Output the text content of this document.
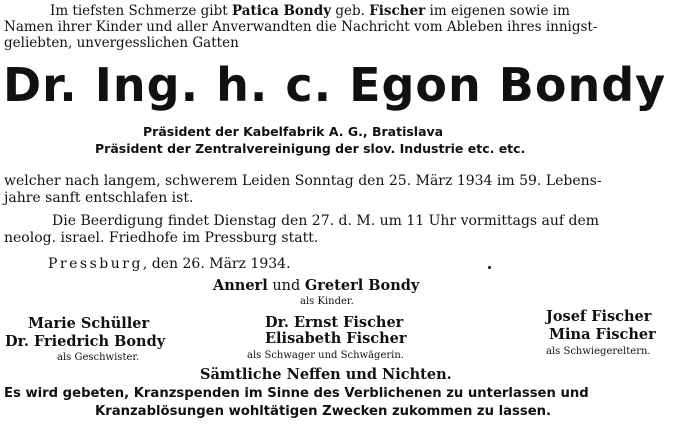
Im tiefsten Schmerze gibt Patica Bondy geb. Fischer im eigenen sowie im
Namen ihrer Kinder und aller Anverwandten die Nachricht vom Ableben ihres innigst-
geliebten, unvergesslichen Gatten
Dr. Ing. h. c. Egon Bondy
Präsident der Kabelfabrik A. G., Bratislava
Präsident der Zentralvereinigung der slov. Industrie etc. etc.
welcher nach langem, schwerem Leiden Sonntag den 25. März 1934 im 59. Lebens-
jahre sanft entschlafen ist.
Die Beerdigung findet Dienstag den 27. d. M. um 11 Uhr vormittags auf dem
neolog. israel. Friedhofe im Pressburg statt.
Pressburg, den 26. März 1934.
Annerl und Greterl Bondy
als Kinder.
Marie Schüller
Dr. Friedrich Bondy
als Geschwister.
Dr. Ernst Fischer
Elisabeth Fischer
als Schwager und Schwägerin.
Josef Fischer
Mina Fischer
als Schwiegereltern.
Sämtliche Neffen und Nichten.
Es wird gebeten, Kranzspenden im Sinne des Verblichenen zu unterlassen und
Kranzablösungen wohltätigen Zwecken zukommen zu lassen.
